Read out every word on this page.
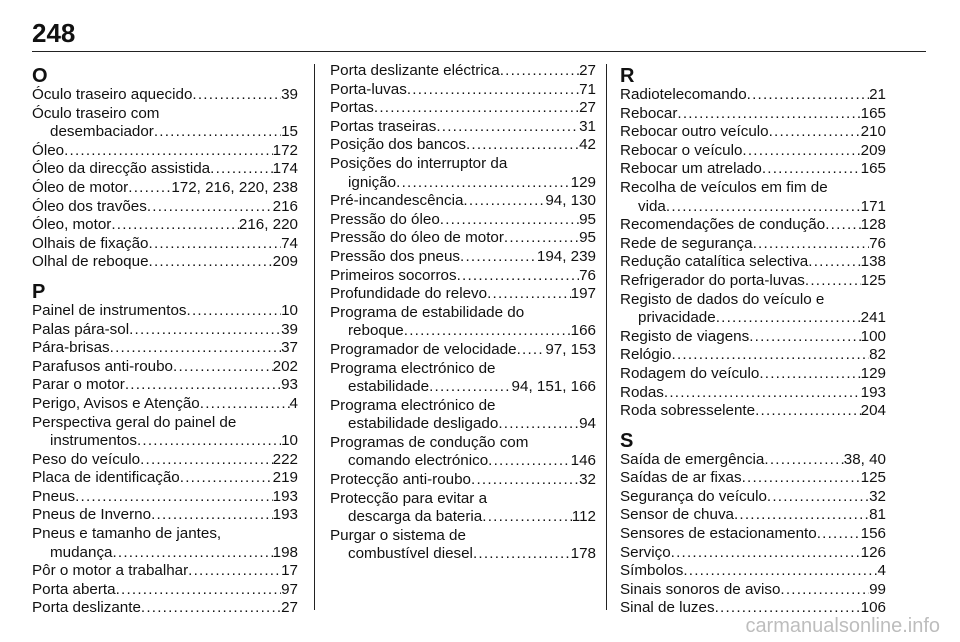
248
O
Óculo traseiro aquecido . . .	39
Óculo traseiro com
desembaciador . . .	15
Óleo . . .	172
Óleo da direcção assistida . . .	174
Óleo de motor . . .	172, 216, 220, 238
Óleo dos travões . . .	216
Óleo, motor . . .	216, 220
Olhais de fixação . . .	74
Olhal de reboque . . .	209
P
Painel de instrumentos . . .	10
Palas pára-sol . . .	39
Pára-brisas . . .	37
Parafusos anti-roubo . . .	202
Parar o motor . . .	93
Perigo, Avisos e Atenção . . .	4
Perspectiva geral do painel de
instrumentos . . .	10
Peso do veículo . . .	222
Placa de identificação . . .	219
Pneus . . .	193
Pneus de Inverno . . .	193
Pneus e tamanho de jantes,
mudança . . .	198
Pôr o motor a trabalhar . . .	17
Porta aberta . . .	97
Porta deslizante . . .	27
Porta deslizante eléctrica . . .	27
Porta-luvas . . .	71
Portas . . .	27
Portas traseiras . . .	31
Posição dos bancos . . .	42
Posições do interruptor da
ignição . . .	129
Pré-incandescência . . .	94, 130
Pressão do óleo . . .	95
Pressão do óleo de motor . . .	95
Pressão dos pneus . . .	194, 239
Primeiros socorros . . .	76
Profundidade do relevo . . .	197
Programa de estabilidade do
reboque . . .	166
Programador de velocidade . . . 97, 153
Programa electrónico de
estabilidade . . .	94, 151, 166
Programa electrónico de
estabilidade desligado . . .	94
Programas de condução com
comando electrónico . . .	146
Protecção anti-roubo . . .	32
Protecção para evitar a
descarga da bateria . . .	112
Purgar o sistema de
combustível diesel . . .	178
R
Radiotelecomando . . .	21
Rebocar . . .	165
Rebocar outro veículo . . .	210
Rebocar o veículo . . .	209
Rebocar um atrelado . . .	165
Recolha de veículos em fim de
vida . . .	171
Recomendações de condução . . . 128
Rede de segurança . . .	76
Redução catalítica selectiva . . .	138
Refrigerador do porta-luvas . . .	125
Registo de dados do veículo e
privacidade . . .	241
Registo de viagens . . .	100
Relógio . . .	82
Rodagem do veículo . . .	129
Rodas . . .	193
Roda sobresselente . . .	204
S
Saída de emergência . . .	38, 40
Saídas de ar fixas . . .	125
Segurança do veículo . . .	32
Sensor de chuva . . .	81
Sensores de estacionamento . . .	156
Serviço . . .	126
Símbolos . . .	4
Sinais sonoros de aviso . . .	99
Sinal de luzes . . .	106
carmanualsonline.info
